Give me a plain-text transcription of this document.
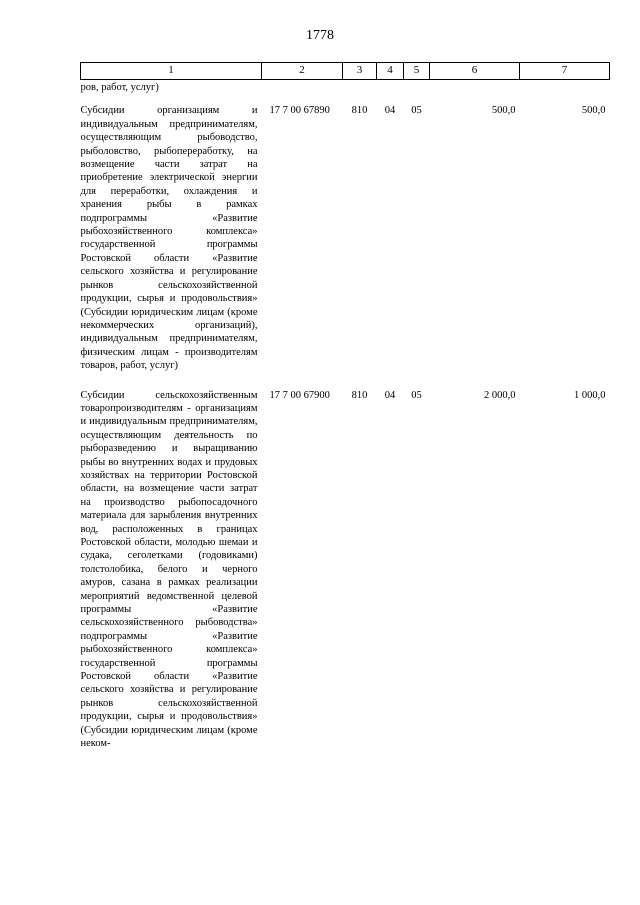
1778
1	2	3	4	5	6	7
ров, работ, услуг)						
Субсидии организациям и индивидуальным предпринимателям, осуществляющим рыбоводство, рыболовство, рыбопереработку, на возмещение части затрат на приобретение электрической энергии для переработки, охлаждения и хранения рыбы в рамках подпрограммы «Развитие рыбохозяйственного комплекса» государственной программы Ростовской области «Развитие сельского хозяйства и регулирование рынков сельскохозяйственной продукции, сырья и продовольствия» (Субсидии юридическим лицам (кроме некоммерческих организаций), индивидуальным предпринимателям, физическим лицам - производителям товаров, работ, услуг)	17 7 00 67890	810	04	05	500,0	500,0
Субсидии сельскохозяйственным товаропроизводителям - организациям и индивидуальным предпринимателям, осуществляющим деятельность по рыборазведению и выращиванию рыбы во внутренних водах и прудовых хозяйствах на территории Ростовской области, на возмещение части затрат на производство рыбопосадочного материала для зарыбления внутренних вод, расположенных в границах Ростовской области, молодью шемаи и судака, сеголетками (годовиками) толстолобика, белого и черного амуров, сазана в рамках реализации мероприятий ведомственной целевой программы «Развитие сельскохозяйственного рыбоводства» подпрограммы «Развитие рыбохозяйственного комплекса» государственной программы Ростовской области «Развитие сельского хозяйства и регулирование рынков сельскохозяйственной продукции, сырья и продовольствия» (Субсидии юридическим лицам (кроме неком-	17 7 00 67900	810	04	05	2 000,0	1 000,0
